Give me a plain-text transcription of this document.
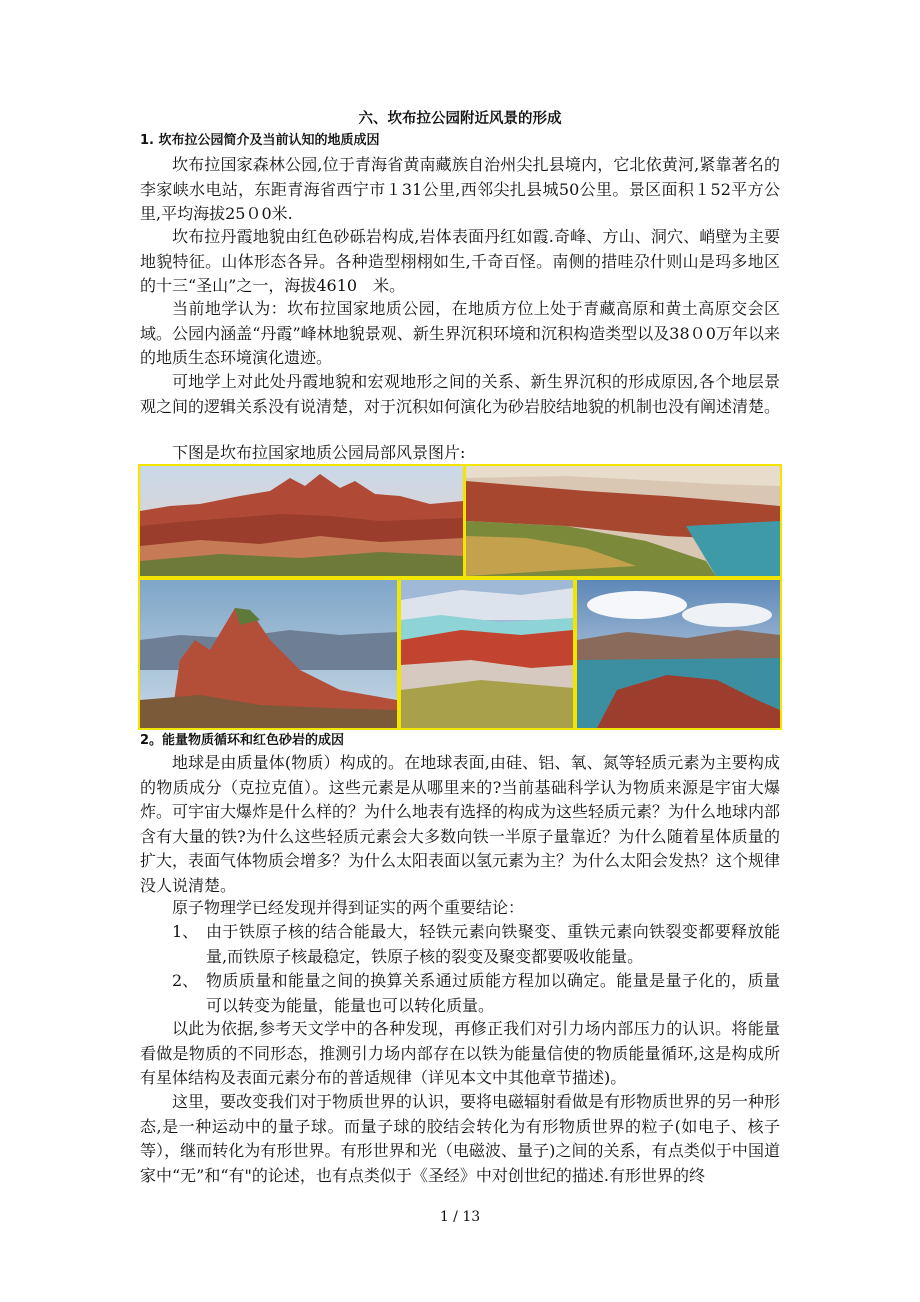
六、坎布拉公园附近风景的形成
1. 坎布拉公园简介及当前认知的地质成因

坎布拉国家森林公园,位于青海省黄南藏族自治州尖扎县境内，它北依黄河,紧靠著名的李家峡水电站，东距青海省西宁市１31公里,西邻尖扎县城50公里。景区面积１52平方公里,平均海拔25０0米.

坎布拉丹霞地貌由红色砂砾岩构成,岩体表面丹红如霞.奇峰、方山、洞穴、峭壁为主要地貌特征。山体形态各异。各种造型栩栩如生,千奇百怪。南侧的措哇尕什则山是玛多地区的十三“圣山”之一，海拔4610　米。

当前地学认为：坎布拉国家地质公园，在地质方位上处于青藏高原和黄土高原交会区域。公园内涵盖“丹霞”峰林地貌景观、新生界沉积环境和沉积构造类型以及38０0万年以来的地质生态环境演化遗迹。

可地学上对此处丹霞地貌和宏观地形之间的关系、新生界沉积的形成原因,各个地层景观之间的逻辑关系没有说清楚，对于沉积如何演化为砂岩胶结地貌的机制也没有阐述清楚。

下图是坎布拉国家地质公园局部风景图片:

2。能量物质循环和红色砂岩的成因

地球是由质量体(物质）构成的。在地球表面,由硅、铝、氧、氮等轻质元素为主要构成的物质成分（克拉克值）。这些元素是从哪里来的?当前基础科学认为物质来源是宇宙大爆炸。可宇宙大爆炸是什么样的？为什么地表有选择的构成为这些轻质元素？为什么地球内部含有大量的铁?为什么这些轻质元素会大多数向铁一半原子量靠近？为什么随着星体质量的扩大，表面气体物质会增多？为什么太阳表面以氢元素为主？为什么太阳会发热？这个规律没人说清楚。

原子物理学已经发现并得到证实的两个重要结论：

1、 由于铁原子核的结合能最大，轻铁元素向铁聚变、重铁元素向铁裂变都要释放能量,而铁原子核最稳定，铁原子核的裂变及聚变都要吸收能量。
2、 物质质量和能量之间的换算关系通过质能方程加以确定。能量是量子化的，质量可以转变为能量，能量也可以转化质量。

以此为依据,参考天文学中的各种发现，再修正我们对引力场内部压力的认识。将能量看做是物质的不同形态，推测引力场内部存在以铁为能量信使的物质能量循环,这是构成所有星体结构及表面元素分布的普适规律（详见本文中其他章节描述)。

这里，要改变我们对于物质世界的认识，要将电磁辐射看做是有形物质世界的另一种形态,是一种运动中的量子球。而量子球的胶结会转化为有形物质世界的粒子(如电子、核子等），继而转化为有形世界。有形世界和光（电磁波、量子)之间的关系，有点类似于中国道家中“无”和“有"的论述，也有点类似于《圣经》中对创世纪的描述.有形世界的终

1 / 13
